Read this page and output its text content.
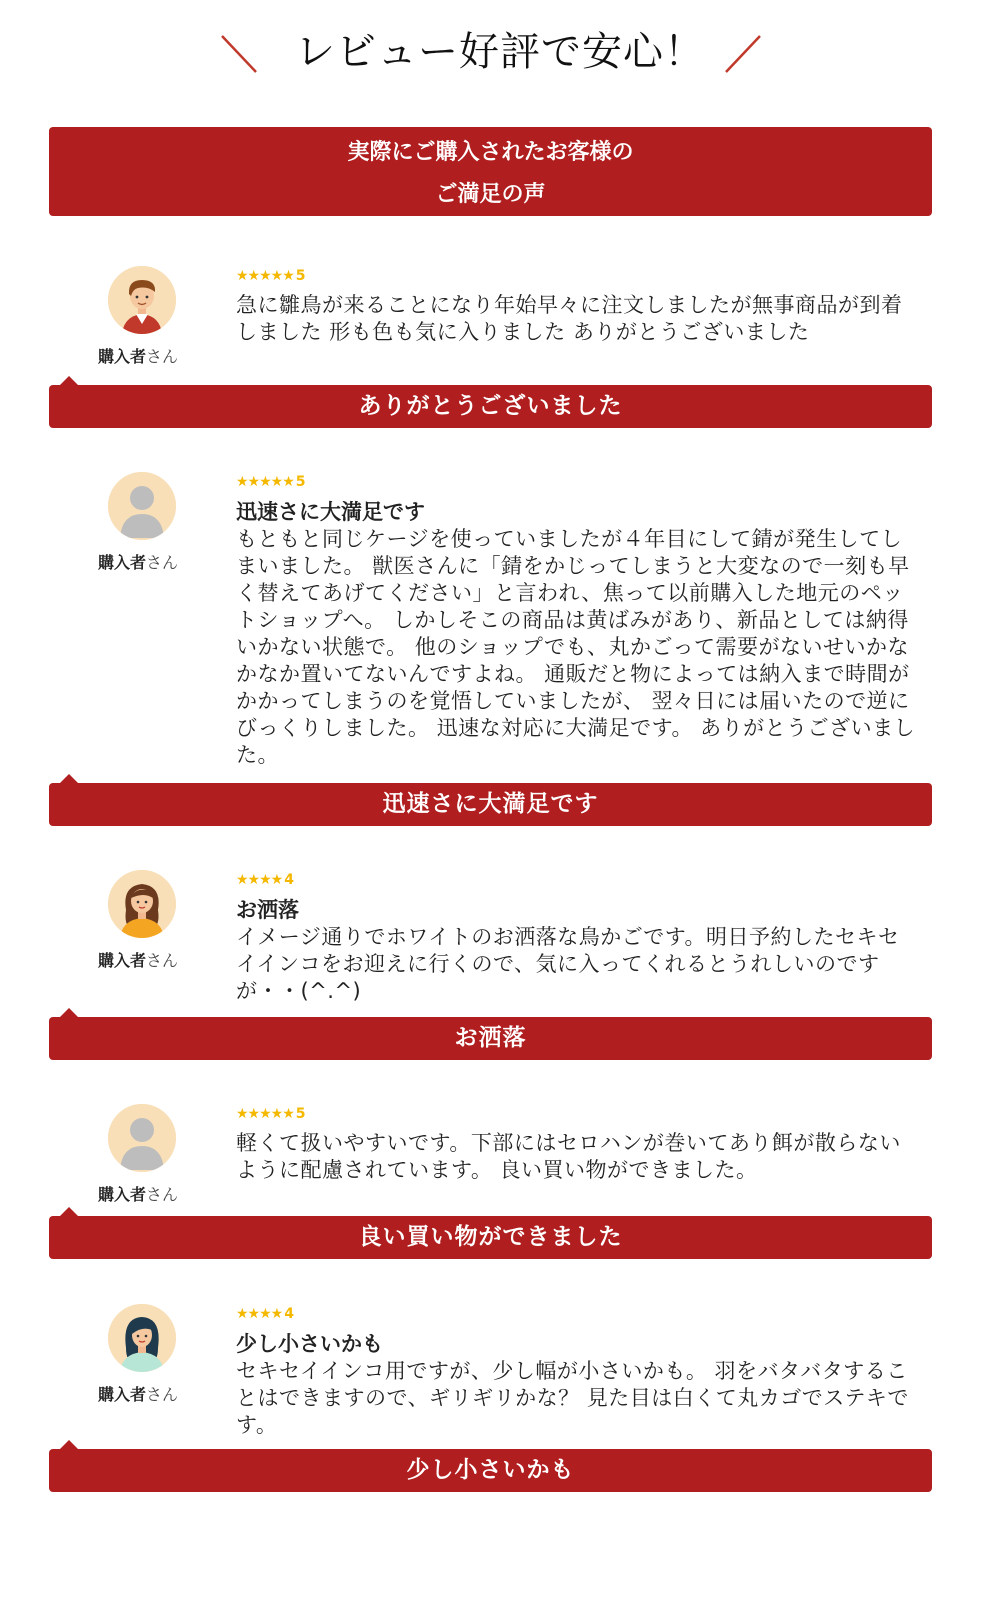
レビュー好評で安心！
実際にご購入されたお客様の
ご満足の声
購入者さん
★★★★★ 5
急に雛鳥が来ることになり年始早々に注文しましたが無事商品が到着しました 形も色も気に入りました ありがとうございました
ありがとうございました
購入者さん
★★★★★ 5
迅速さに大満足です
もともと同じケージを使っていましたが４年目にして錆が発生してしまいました。 獣医さんに「錆をかじってしまうと大変なので一刻も早く替えてあげてください」と言われ、焦って以前購入した地元のペットショップへ。 しかしそこの商品は黄ばみがあり、新品としては納得いかない状態で。 他のショップでも、丸かごって需要がないせいかなかなか置いてないんですよね。 通販だと物によっては納入まで時間がかかってしまうのを覚悟していましたが、 翌々日には届いたので逆にびっくりしました。 迅速な対応に大満足です。 ありがとうございました。
迅速さに大満足です
購入者さん
★★★★ 4
お洒落
イメージ通りでホワイトのお洒落な鳥かごです。明日予約したセキセイインコをお迎えに行くので、気に入ってくれるとうれしいのですが・・(^.^)
お洒落
購入者さん
★★★★★ 5
軽くて扱いやすいです。下部にはセロハンが巻いてあり餌が散らないように配慮されています。 良い買い物ができました。
良い買い物ができました
購入者さん
★★★★ 4
少し小さいかも
セキセイインコ用ですが、少し幅が小さいかも。 羽をバタバタすることはできますので、ギリギリかな？ 見た目は白くて丸カゴでステキです。
少し小さいかも
